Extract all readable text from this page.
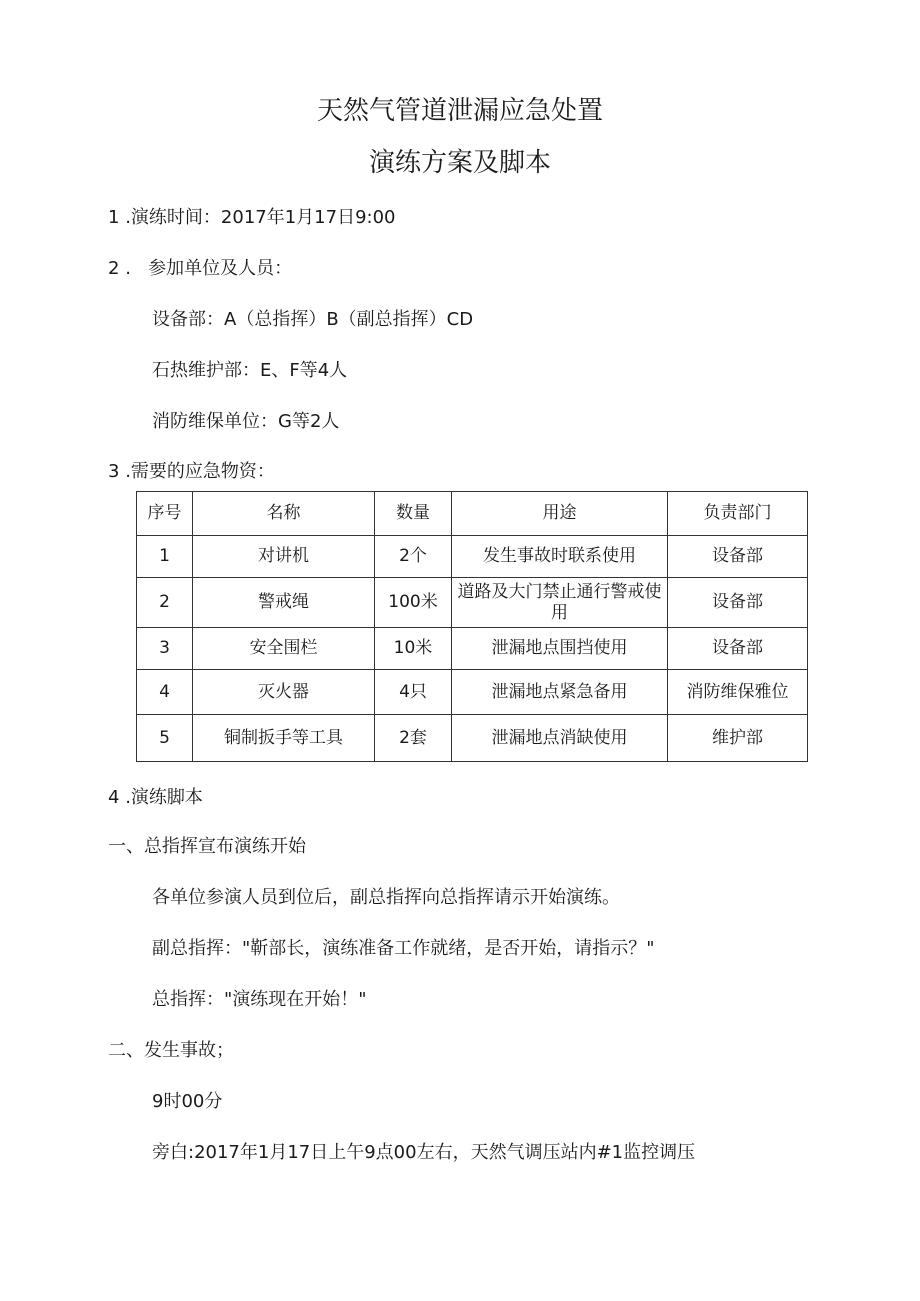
天然气管道泄漏应急处置
演练方案及脚本
1 .演练时间：2017年1月17日9:00
2 .   参加单位及人员：
设备部：A（总指挥）B（副总指挥）CD
石热维护部：E、F等4人
消防维保单位：G等2人
3 .需要的应急物资：
序号	名称	数量	用途	负责部门
1	对讲机	2个	发生事故时联系使用	设备部
2	警戒绳	100米	道路及大门禁止通行警戒使用	设备部
3	安全围栏	10米	泄漏地点围挡使用	设备部
4	灭火器	4只	泄漏地点紧急备用	消防维保雅位
5	铜制扳手等工具	2套	泄漏地点消缺使用	维护部
4 .演练脚本
一、总指挥宣布演练开始
各单位参演人员到位后，副总指挥向总指挥请示开始演练。
副总指挥："靳部长，演练准备工作就绪，是否开始，请指示？"
总指挥："演练现在开始！"
二、发生事故；
9时00分
旁白:2017年1月17日上午9点00左右，天然气调压站内#1监控调压
